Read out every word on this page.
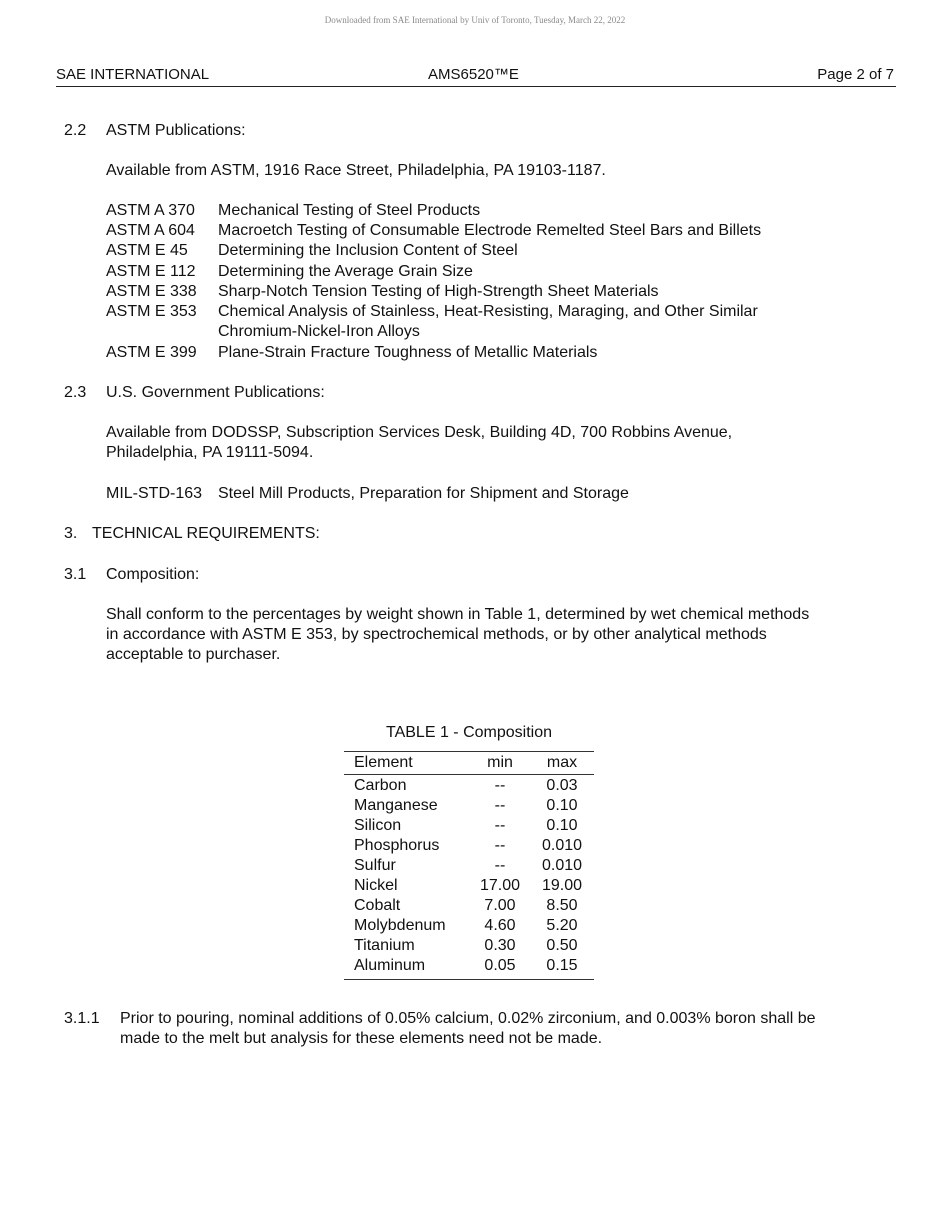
Downloaded from SAE International by Univ of Toronto, Tuesday, March 22, 2022
SAE INTERNATIONAL	AMS6520™E	Page 2 of 7
2.2 ASTM Publications:
Available from ASTM, 1916 Race Street, Philadelphia, PA 19103-1187.
ASTM A 370 Mechanical Testing of Steel Products
ASTM A 604 Macroetch Testing of Consumable Electrode Remelted Steel Bars and Billets
ASTM E 45 Determining the Inclusion Content of Steel
ASTM E 112 Determining the Average Grain Size
ASTM E 338 Sharp-Notch Tension Testing of High-Strength Sheet Materials
ASTM E 353 Chemical Analysis of Stainless, Heat-Resisting, Maraging, and Other Similar
Chromium-Nickel-Iron Alloys
ASTM E 399 Plane-Strain Fracture Toughness of Metallic Materials
2.3 U.S. Government Publications:
Available from DODSSP, Subscription Services Desk, Building 4D, 700 Robbins Avenue,
Philadelphia, PA 19111-5094.
MIL-STD-163 Steel Mill Products, Preparation for Shipment and Storage
3. TECHNICAL REQUIREMENTS:
3.1 Composition:
Shall conform to the percentages by weight shown in Table 1, determined by wet chemical methods
in accordance with ASTM E 353, by spectrochemical methods, or by other analytical methods
acceptable to purchaser.
TABLE 1 - Composition
Element	min	max
Carbon	--	0.03
Manganese	--	0.10
Silicon	--	0.10
Phosphorus	--	0.010
Sulfur	--	0.010
Nickel	17.00	19.00
Cobalt	7.00	8.50
Molybdenum	4.60	5.20
Titanium	0.30	0.50
Aluminum	0.05	0.15
3.1.1 Prior to pouring, nominal additions of 0.05% calcium, 0.02% zirconium, and 0.003% boron shall be
made to the melt but analysis for these elements need not be made.
